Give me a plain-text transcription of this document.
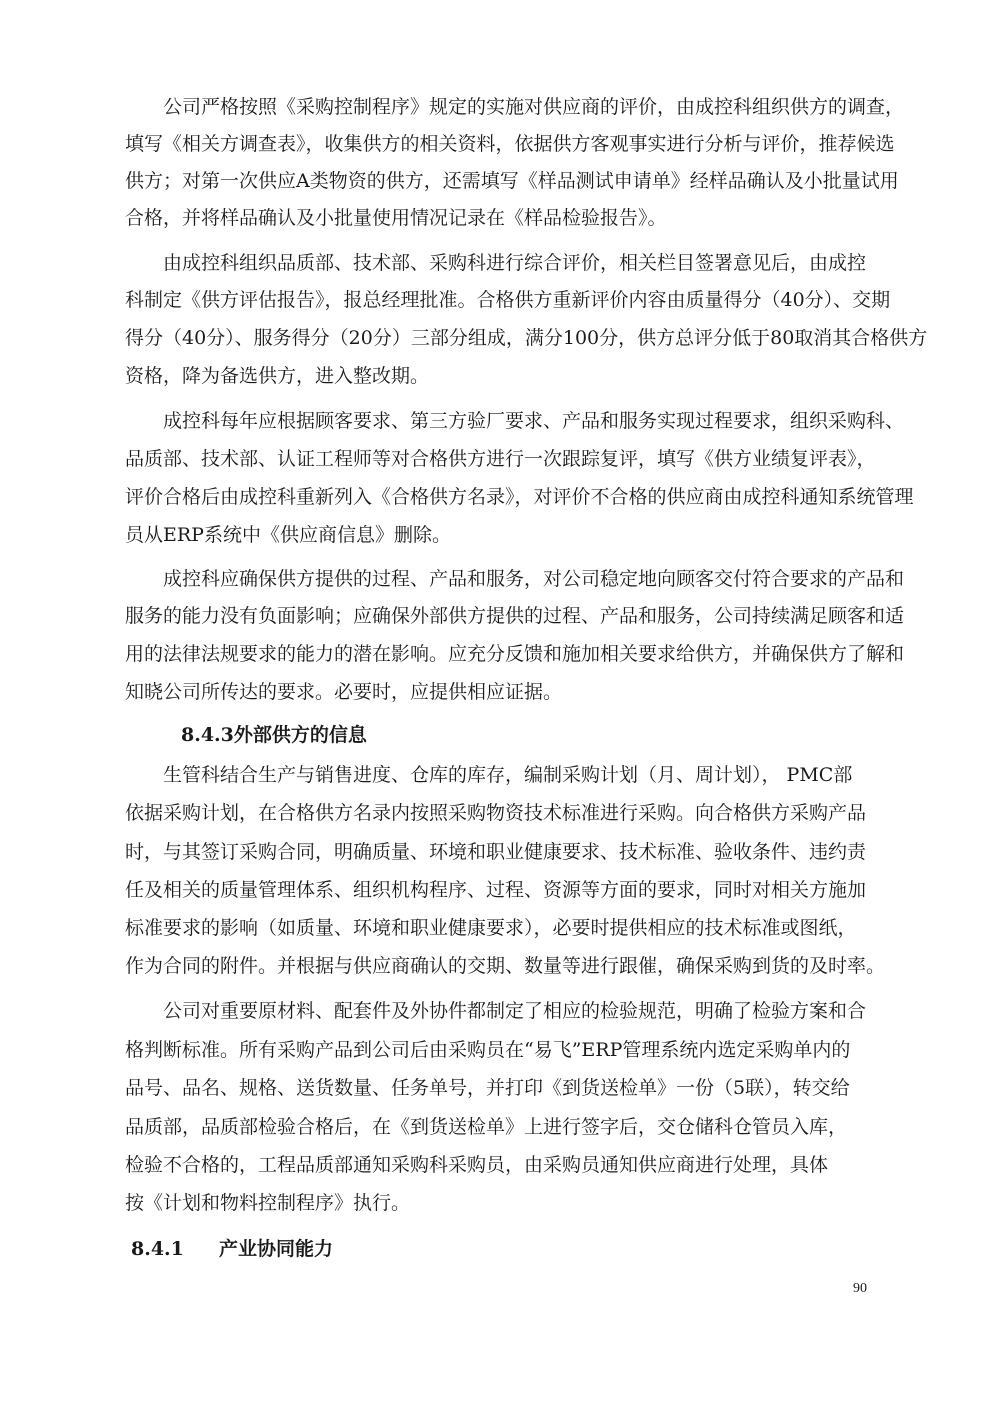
公司严格按照《采购控制程序》规定的实施对供应商的评价，由成控科组织供方的调查，
填写《相关方调查表》，收集供方的相关资料，依据供方客观事实进行分析与评价，推荐候选
供方；对第一次供应A类物资的供方，还需填写《样品测试申请单》经样品确认及小批量试用
合格，并将样品确认及小批量使用情况记录在《样品检验报告》。
由成控科组织品质部、技术部、采购科进行综合评价，相关栏目签署意见后，由成控
科制定《供方评估报告》，报总经理批准。合格供方重新评价内容由质量得分（40分）、交期
得分（40分）、服务得分（20分）三部分组成，满分100分，供方总评分低于80取消其合格供方
资格，降为备选供方，进入整改期。
成控科每年应根据顾客要求、第三方验厂要求、产品和服务实现过程要求，组织采购科、
品质部、技术部、认证工程师等对合格供方进行一次跟踪复评，填写《供方业绩复评表》，
评价合格后由成控科重新列入《合格供方名录》，对评价不合格的供应商由成控科通知系统管理
员从ERP系统中《供应商信息》删除。
成控科应确保供方提供的过程、产品和服务，对公司稳定地向顾客交付符合要求的产品和
服务的能力没有负面影响；应确保外部供方提供的过程、产品和服务，公司持续满足顾客和适
用的法律法规要求的能力的潜在影响。应充分反馈和施加相关要求给供方，并确保供方了解和
知晓公司所传达的要求。必要时，应提供相应证据。
8.4.3外部供方的信息
生管科结合生产与销售进度、仓库的库存，编制采购计划（月、周计划）， PMC部
依据采购计划，在合格供方名录内按照采购物资技术标准进行采购。向合格供方采购产品
时，与其签订采购合同，明确质量、环境和职业健康要求、技术标准、验收条件、违约责
任及相关的质量管理体系、组织机构程序、过程、资源等方面的要求，同时对相关方施加
标准要求的影响（如质量、环境和职业健康要求），必要时提供相应的技术标准或图纸，
作为合同的附件。并根据与供应商确认的交期、数量等进行跟催，确保采购到货的及时率。
公司对重要原材料、配套件及外协件都制定了相应的检验规范，明确了检验方案和合
格判断标准。所有采购产品到公司后由采购员在“易飞”ERP管理系统内选定采购单内的
品号、品名、规格、送货数量、任务单号，并打印《到货送检单》一份（5联），转交给
品质部，品质部检验合格后，在《到货送检单》上进行签字后，交仓储科仓管员入库，
检验不合格的，工程品质部通知采购科采购员，由采购员通知供应商进行处理，具体
按《计划和物料控制程序》执行。
8.4.1 产业协同能力
90
